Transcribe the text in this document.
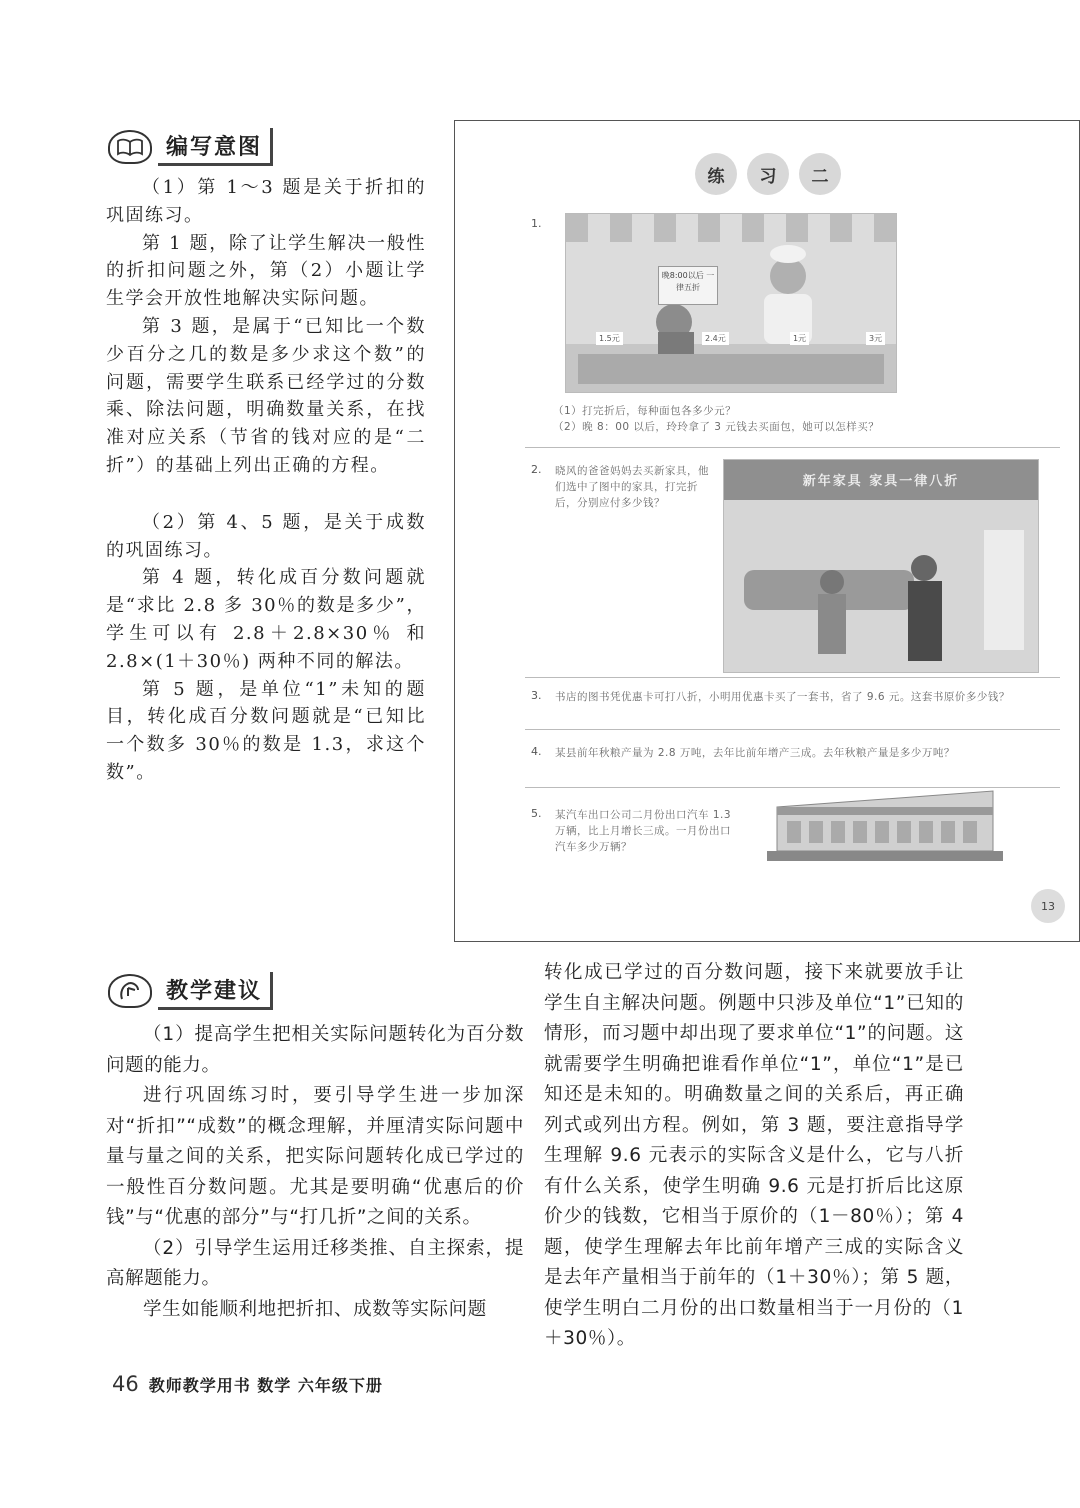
编写意图

（1）第 1～3 题是关于折扣的巩固练习。

第 1 题，除了让学生解决一般性的折扣问题之外，第（2）小题让学生学会开放性地解决实际问题。

第 3 题，是属于“已知比一个数少百分之几的数是多少求这个数”的问题，需要学生联系已经学过的分数乘、除法问题，明确数量关系，在找准对应关系（节省的钱对应的是“二折”）的基础上列出正确的方程。

（2）第 4、5 题，是关于成数的巩固练习。

第 4 题，转化成百分数问题就是“求比 2.8 多 30％的数是多少”，学生可以有 2.8＋2.8×30％ 和 2.8×(1＋30％) 两种不同的解法。

第 5 题，是单位“1”未知的题目，转化成百分数问题就是“已知比一个数多 30％的数是 1.3，求这个数”。

练	习	二
1.
晚8:00以后 一律五折
1.5元	2.4元	1元	3元
（1）打完折后，每种面包各多少元？
（2）晚 8：00 以后，玲玲拿了 3 元钱去买面包，她可以怎样买？
2. 晓风的爸爸妈妈去买新家具，他们选中了图中的家具，打完折后，分别应付多少钱？
新年家具 家具一律八折
3. 书店的图书凭优惠卡可打八折，小明用优惠卡买了一套书，省了 9.6 元。这套书原价多少钱？
4. 某县前年秋粮产量为 2.8 万吨，去年比前年增产三成。去年秋粮产量是多少万吨？
5. 某汽车出口公司二月份出口汽车 1.3 万辆，比上月增长三成。一月份出口汽车多少万辆？
13
教学建议

（1）提高学生把相关实际问题转化为百分数问题的能力。

进行巩固练习时，要引导学生进一步加深对“折扣”“成数”的概念理解，并厘清实际问题中量与量之间的关系，把实际问题转化成已学过的一般性百分数问题。尤其是要明确“优惠后的价钱”与“优惠的部分”与“打几折”之间的关系。

（2）引导学生运用迁移类推、自主探索，提高解题能力。

学生如能顺利地把折扣、成数等实际问题

转化成已学过的百分数问题，接下来就要放手让学生自主解决问题。例题中只涉及单位“1”已知的情形，而习题中却出现了要求单位“1”的问题。这就需要学生明确把谁看作单位“1”，单位“1”是已知还是未知的。明确数量之间的关系后，再正确列式或列出方程。例如，第 3 题，要注意指导学生理解 9.6 元表示的实际含义是什么，它与八折有什么关系，使学生明确 9.6 元是打折后比这原价少的钱数，它相当于原价的（1－80％）；第 4 题，使学生理解去年比前年增产三成的实际含义是去年产量相当于前年的（1＋30％）；第 5 题，使学生明白二月份的出口数量相当于一月份的（1＋30％）。

46 教师教学用书 数学 六年级下册
